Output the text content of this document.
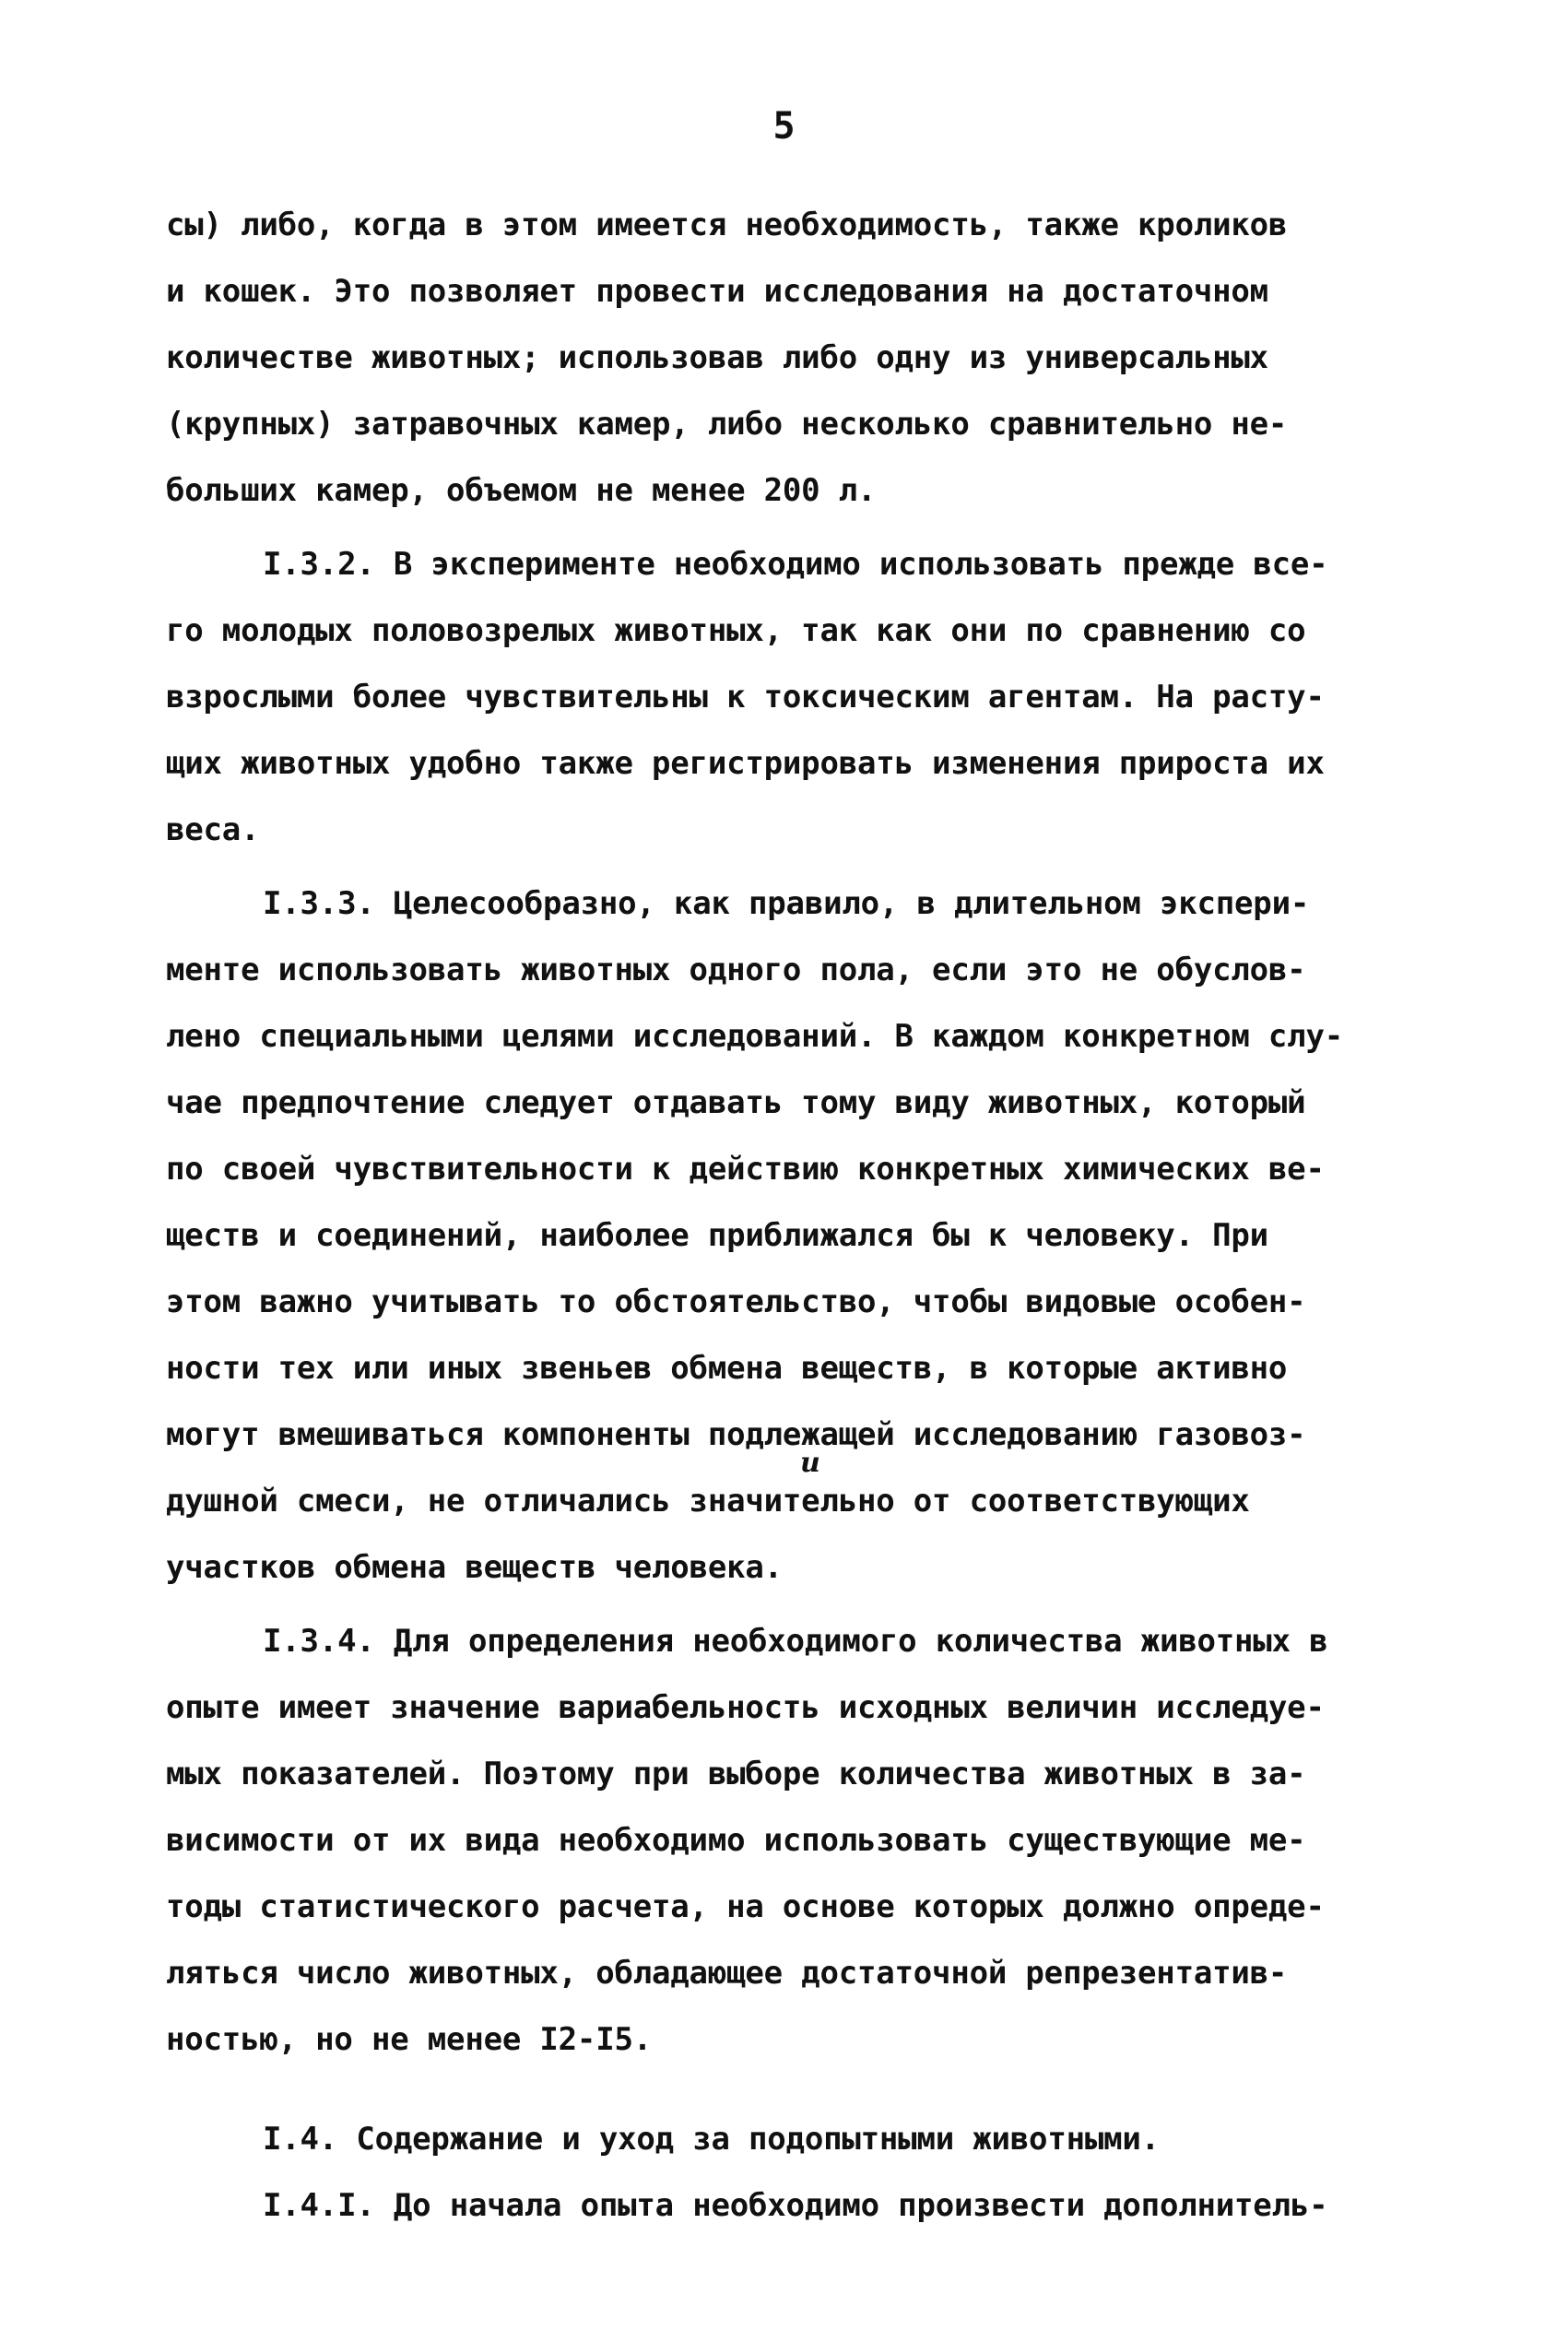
5
сы) либо, когда в этом имеется необходимость, также кроликов
и кошек. Это позволяет провести исследования на достаточном
количестве животных; использовав либо одну из универсальных
(крупных) затравочных камер, либо несколько сравнительно не-
больших камер, объемом не менее 200 л.
I.3.2. В эксперименте необходимо использовать прежде все-
го молодых половозрелых животных, так как они по сравнению со
взрослыми более чувствительны к токсическим агентам. На расту-
щих животных удобно также регистрировать изменения прироста их
веса.
I.3.3. Целесообразно, как правило, в длительном экспери-
менте использовать животных одного пола, если это не обуслов-
лено специальными целями исследований. В каждом конкретном слу-
чае предпочтение следует отдавать тому виду животных, который
по своей чувствительности к действию конкретных химических ве-
ществ и соединений, наиболее приближался бы к человеку. При
этом важно учитывать то обстоятельство, чтобы видовые особен-
ности тех или иных звеньев обмена веществ, в которые активно
могут вмешиваться компоненты подлежащей исследованию газовоз-
и
душной смеси, не отличались значительно от соответствующих
участков обмена веществ человека.
I.3.4. Для определения необходимого количества животных в
опыте имеет значение вариабельность исходных величин исследуе-
мых показателей. Поэтому при выборе количества животных в за-
висимости от их вида необходимо использовать существующие ме-
тоды статистического расчета, на основе которых должно опреде-
ляться число животных, обладающее достаточной репрезентатив-
ностью, но не менее I2-I5.
I.4. Содержание и уход за подопытными животными.
I.4.I. До начала опыта необходимо произвести дополнитель-
